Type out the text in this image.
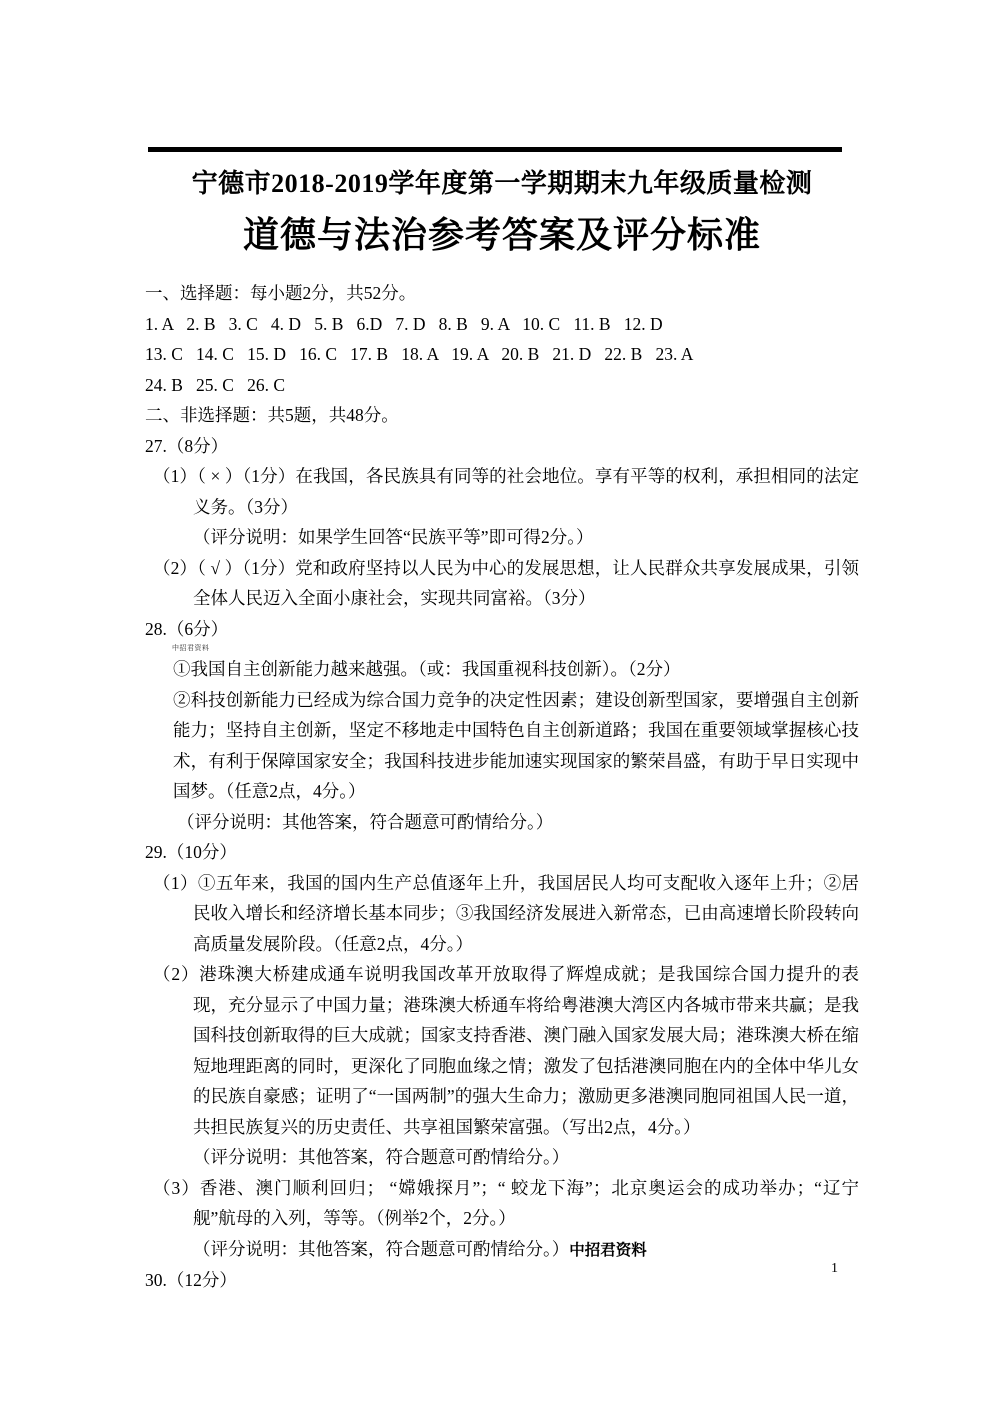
宁德市2018-2019学年度第一学期期末九年级质量检测
道德与法治参考答案及评分标准
一、选择题：每小题2分，共52分。
1. A   2. B   3. C   4. D   5. B   6.D   7. D   8. B   9. A   10. C   11. B   12. D
13. C   14. C   15. D   16. C   17. B   18. A   19. A   20. B   21. D   22. B   23. A
24. B   25. C   26. C
二、非选择题：共5题，共48分。
27.（8分）
（1）（ × ）（1分）在我国，各民族具有同等的社会地位。享有平等的权利，承担相同的法定义务。（3分）
（评分说明：如果学生回答“民族平等”即可得2分。）
（2）（ √ ）（1分）党和政府坚持以人民为中心的发展思想，让人民群众共享发展成果，引领全体人民迈入全面小康社会，实现共同富裕。（3分）
28.（6分）
中招君资料
①我国自主创新能力越来越强。（或：我国重视科技创新）。（2分）
②科技创新能力已经成为综合国力竞争的决定性因素；建设创新型国家，要增强自主创新能力；坚持自主创新，坚定不移地走中国特色自主创新道路；我国在重要领域掌握核心技术，有利于保障国家安全；我国科技进步能加速实现国家的繁荣昌盛，有助于早日实现中国梦。（任意2点，4分。）
（评分说明：其他答案，符合题意可酌情给分。）
29.（10分）
（1）①五年来，我国的国内生产总值逐年上升，我国居民人均可支配收入逐年上升；②居民收入增长和经济增长基本同步；③我国经济发展进入新常态，已由高速增长阶段转向高质量发展阶段。（任意2点，4分。）
（2）港珠澳大桥建成通车说明我国改革开放取得了辉煌成就；是我国综合国力提升的表现，充分显示了中国力量；港珠澳大桥通车将给粤港澳大湾区内各城市带来共赢；是我国科技创新取得的巨大成就；国家支持香港、澳门融入国家发展大局；港珠澳大桥在缩短地理距离的同时，更深化了同胞血缘之情；激发了包括港澳同胞在内的全体中华儿女的民族自豪感；证明了“一国两制”的强大生命力；激励更多港澳同胞同祖国人民一道，共担民族复兴的历史责任、共享祖国繁荣富强。（写出2点，4分。）
（评分说明：其他答案，符合题意可酌情给分。）
（3）香港、澳门顺利回归； “嫦娥探月”；“ 蛟龙下海”；北京奥运会的成功举办；“辽宁舰”航母的入列，等等。（例举2个，2分。）
（评分说明：其他答案，符合题意可酌情给分。）中招君资料
30.（12分）
1
